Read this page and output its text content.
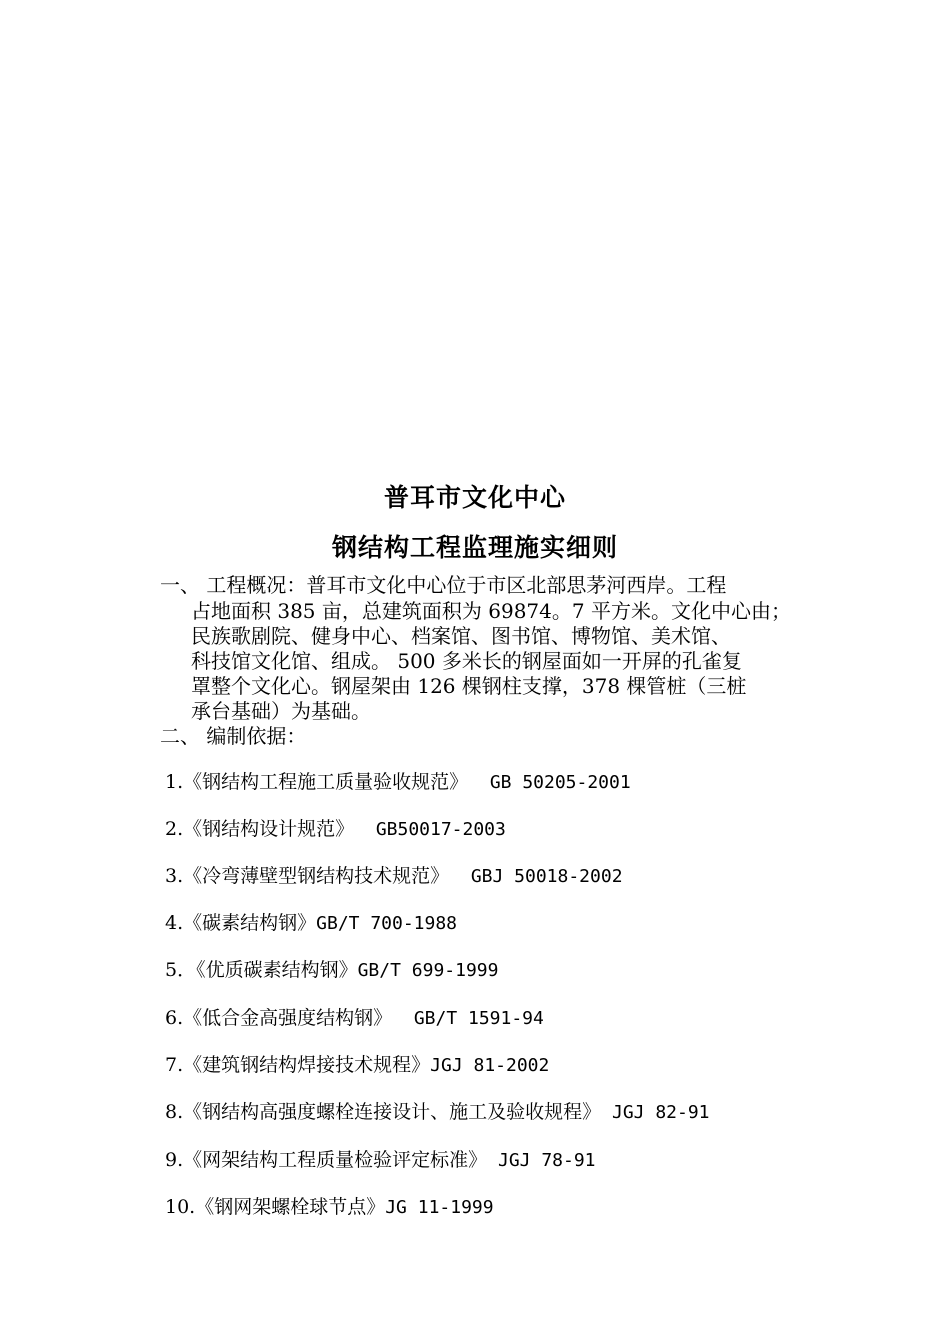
普耳市文化中心
钢结构工程监理施实细则
一、 工程概况：普耳市文化中心位于市区北部思茅河西岸。工程
占地面积 385 亩，总建筑面积为 69874。7 平方米。文化中心由；
民族歌剧院、健身中心、档案馆、图书馆、博物馆、美术馆、
科技馆文化馆、组成。 500 多米长的钢屋面如一开屏的孔雀复
罩整个文化心。钢屋架由 126 棵钢柱支撑，378 棵管桩（三桩
承台基础）为基础。
二、 编制依据：
1.《钢结构工程施工质量验收规范》  GB 50205-2001
2.《钢结构设计规范》  GB50017-2003
3.《冷弯薄壁型钢结构技术规范》  GBJ 50018-2002
4.《碳素结构钢》GB/T 700-1988
5．《优质碳素结构钢》GB/T 699-1999
6.《低合金高强度结构钢》  GB/T 1591-94
7.《建筑钢结构焊接技术规程》JGJ 81-2002
8.《钢结构高强度螺栓连接设计、施工及验收规程》 JGJ 82-91
9.《网架结构工程质量检验评定标准》 JGJ 78-91
10.《钢网架螺栓球节点》JG 11-1999
